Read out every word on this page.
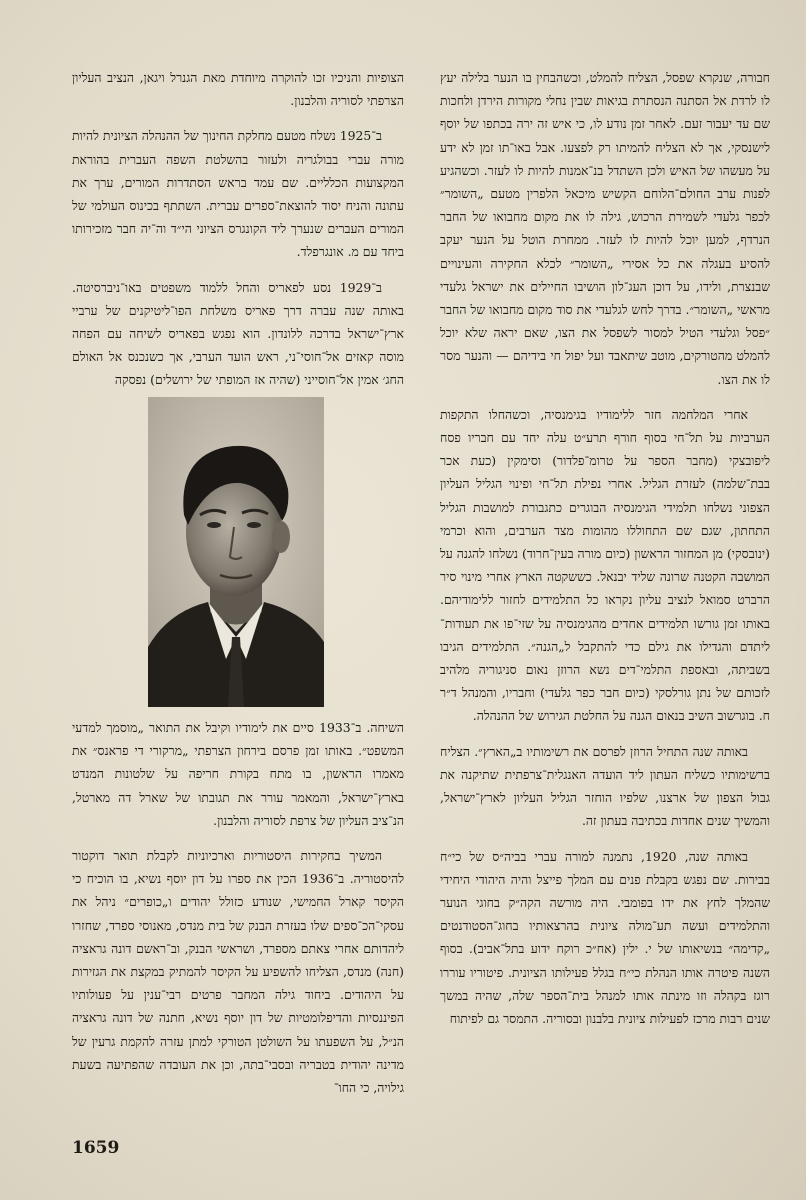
חבורה, שנקרא שפסל, הצליח להמלט, וכשהבחין בו הנער בלילה יעץ לו לרדת אל הסתנה הנסתרת בגיאות שבין נחלי מקורות הירדן ולחכות שם עד יעבור זעם. לאחר זמן נודע לו, כי איש זה ירה בכתפו של יוסף לישנסקי, אך לא הצליח להמיתו רק לפצעו. אבל באו־תו זמן לא ידע על מעשהו של האיש ולכן השתדל בנ־אמנות להיות לו לעזר. וכשהגיע לפנות ערב החולם־הלוחם הקשיש מיכאל הלפרין מטעם „השומר״ לכפר גלעדי לשמירת הרכוש, גילה לו את מקום מחבואו של החבר הנרדף, למען יוכל להיות לו לעזר. ממחרת הוטל על הנער יעקב להסיע בעגלה את כל אסירי „השומר״ לכלא החקירה והעינויים שבנצרת, ולידו, על דוכן העג־לון הושיבו החיילים את ישראל גלעדי מראשי „השומר״. בדרך לחש לגלעדי את סוד מקום מחבואו של החבר ״פסל וגלעדי הטיל למסור לשפסל את הצו, שאם יראה שלא יוכל להמלט מהטורקים, מוטב שיתאבד ועל יפול חי בידיהם — והנער מסר לו את הצו.

אחרי המלחמה חזר ללימודיו בגימנסיה, וכשהחלו התקפות הערביות על תל־חי בסוף חורף תרע״ט עלה יחד עם חבריו פסח ליפובצקי (מחבר הספר על טרומ־פלדור) וסימקין (כעת אכר בבת־שלמה) לעזרת הגליל. אחרי נפילת תל־חי ופינוי הגליל העליון הצפוני נשלחו תלמידי הגימנסיה הבוגרים כתגבורת למושבות הגליל התחתון, שגם שם התחוללו מהומות מצד הערבים, והוא וכרמי (ינובסקי) מן המחזור הראשון (כיום מורה בעין־חרוד) נשלחו להגנה על המושבה הקטנה שרונה שליד יבנאל. כששקטה הארץ אחרי מינוי סיר הרברט סמואל לנציב עליון נקראו כל התלמידים לחזור ללימודיהם. באותו זמן גורשו תלמידים אחדים מהגימנסיה על שזי־פו את תעודות־ ליתדם והגדילו את גילם כדי להתקבל ל„הגנה״. התלמידים הגיבו בשביתה, ובאספת התלמי־דים נשא הרוזן נאום סניגוריה מלהיב לזכותם של נתן גורלסקי (כיום חבר כפר גלעדי) וחבריו, והמנהל ד״ר ח. בוגרשוב השיב בנאום הגנה על החלטת הגירוש של ההנהלה.

באותה שנה התחיל הרוזן לפרסם את רשימותיו ב„הארץ״. הצליח ברשימותיו כשליח העתון ליד הועדה האנגלית־צרפתית שתיקנה את גבול הצפון של ארצנו, שלפיו הוחזר הגליל העליון לארץ־ישראל, והמשיך שנים אחדות בכתיבה בעתון זה.

באותה שנה, 1920, נתמנה למורה עברי בביה״ס של כי״ח בבירות. שם נפגש בקבלת פנים עם המלך פייצל והיה היהודי היחידי שהמלך לחץ את ידו בפומבי. היה מורשה הקה״ק בחוגי הנוער והתלמידים ועשה תע־מולה ציונית בהרצאותיו בחוג־הסטודנטים „קדימה״ בנשיאותו של י. ילין (אח״כ רוקח ידוע בתל־אביב). בסוף השנה פיטרה אותו הנהלת כי״ח בגלל פעילותו הציונית. פיטוריו עוררו רוגז בקהלה וזו מינתה אותו למנהל בית־הספר שלה, שהיה במשך שנים רבות מרכז לפעילות ציונית בלבנון ובסוריה. התמסר גם לפיתוח

הצופיות והניכיו זכו להוקרה מיוחדת מאת הגנרל ויגאן, הנציב העליון הצרפתי לסוריה והלבנון.

ב־1925 נשלח מטעם מחלקת החינוך של ההנהלה הציונית להיות מורה עברי בבולגריה ולעזור בהשלטת השפה העברית בהוראת המקצועות הכלליים. שם עמד בראש הסתדרות המורים, ערך את עתונה והניח יסוד להוצאת־ספרים עברית. השתתף בכינוס העולמי של המורים העברים שנערך ליד הקונגרס הציוני הי״ד וה־יה חבר מזכירותו ביחד עם מ. אונגרפלד.

ב־1929 נסע לפאריס והחל ללמוד משפטים באו־ניברסיטה. באותה שנה עברה דרך פאריס משלחת הפו־ליטיקנים של ערביי ארץ־ישראל בדרכה ללונדון. הוא נפגש בפאריס לשיחה עם הפחה מוסה קאזים אל־חוסי־ני, ראש הועד הערבי, אך כשנכנס אל האולם החג׳ אמין אל־חוסייני (שהיה אז המופתי של ירושלים) נפסקה

השיחה. ב־1933 סיים את לימודיו וקיבל את התואר „מוסמך למדעי המשפט״. באותו זמן פרסם בירחון הצרפתי „מרקורי די פראנס״ את מאמרו הראשון, בו מתח בקורת חריפה על שלטונות המנדט בארץ־ישראל, והמאמר עורר את תגובתו של שארל דה מארטל, הנ־ציב העליון של צרפת לסוריה והלבנון.

המשיך בחקירות היסטוריות וארכיוניות לקבלת תואר דוקטור להיסטוריה. ב־1936 הכין את ספרו על דון יוסף נשיא, בו הוכיח כי הקיסר קארל החמישי, שנודע כזולל יהודים ו„כופרים״ ניהל את עסקי־הכ־ספים שלו בעזרת הבנק של בית מנדס, מאנוסי ספרד, שחזרו ליהדותם אחרי צאתם מספרד, ושראשי הבנק, וב־ראשם דונה גראציה (חנה) מנדס, הצליחו להשפיע על הקיסר להמתיק במקצת את הגזירות על היהודים. ביחוד גילה המחבר פרטים רבי־ענין על פעולותיו הפיננסיות והדיפלומטיות של דון יוסף נשיא, חתנה של דונה גראציה הנ״ל, על השפעתו על השולטן הטורקי למתן עזרה להקמת גרעין של מדינה יהודית בטבריה ובסבי־בתה, וכן את העובדה שהפתיעה בשעת גילויה, כי החו־

1659
